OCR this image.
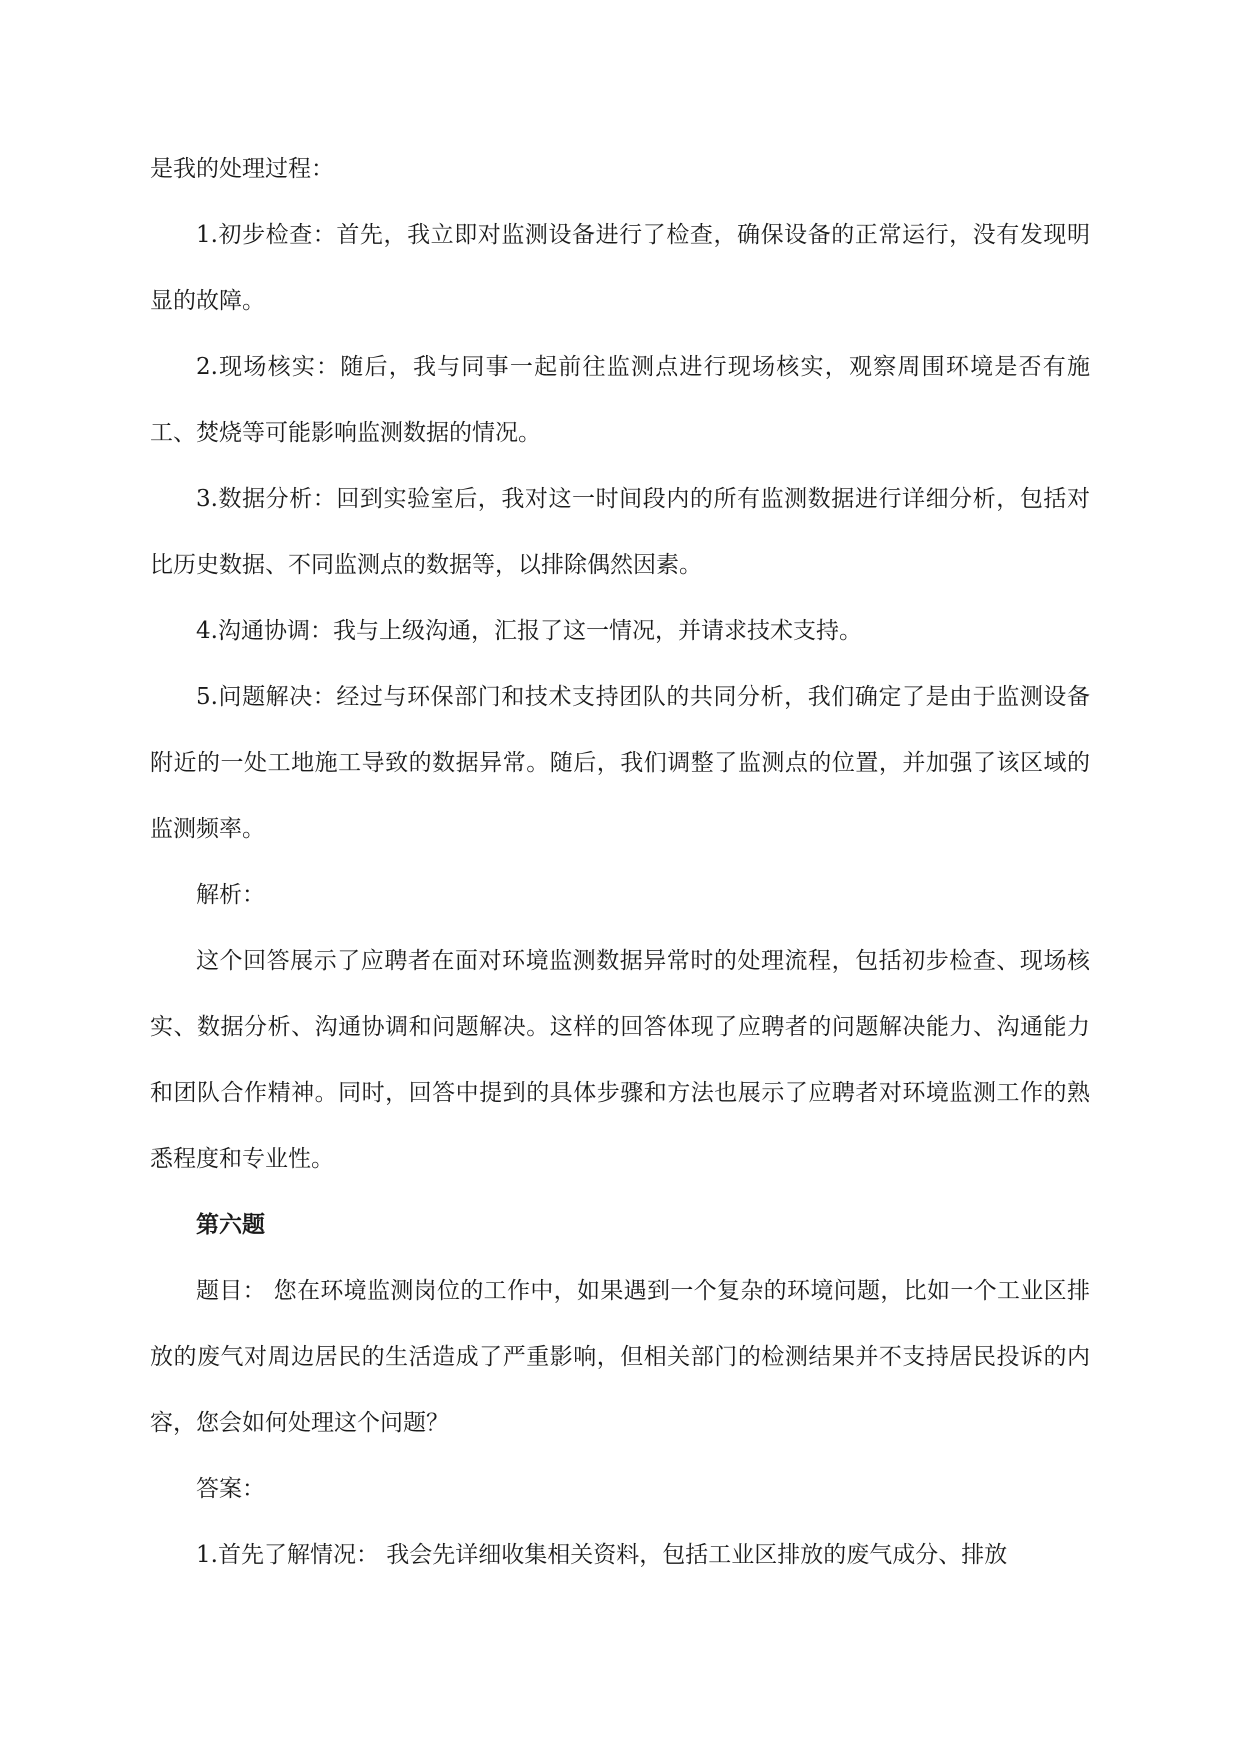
是我的处理过程：

1.初步检查：首先，我立即对监测设备进行了检查，确保设备的正常运行，没有发现明显的故障。

2.现场核实：随后，我与同事一起前往监测点进行现场核实，观察周围环境是否有施工、焚烧等可能影响监测数据的情况。

3.数据分析：回到实验室后，我对这一时间段内的所有监测数据进行详细分析，包括对比历史数据、不同监测点的数据等，以排除偶然因素。

4.沟通协调：我与上级沟通，汇报了这一情况，并请求技术支持。

5.问题解决：经过与环保部门和技术支持团队的共同分析，我们确定了是由于监测设备附近的一处工地施工导致的数据异常。随后，我们调整了监测点的位置，并加强了该区域的监测频率。

解析：

这个回答展示了应聘者在面对环境监测数据异常时的处理流程，包括初步检查、现场核实、数据分析、沟通协调和问题解决。这样的回答体现了应聘者的问题解决能力、沟通能力和团队合作精神。同时，回答中提到的具体步骤和方法也展示了应聘者对环境监测工作的熟悉程度和专业性。

第六题

题目： 您在环境监测岗位的工作中，如果遇到一个复杂的环境问题，比如一个工业区排放的废气对周边居民的生活造成了严重影响，但相关部门的检测结果并不支持居民投诉的内容，您会如何处理这个问题？

答案：

1.首先了解情况： 我会先详细收集相关资料，包括工业区排放的废气成分、排放
